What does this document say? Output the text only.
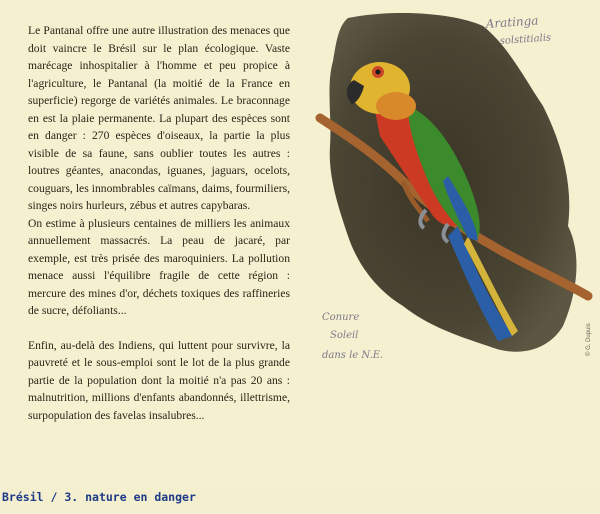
Le Pantanal offre une autre illustration des menaces que doit vaincre le Brésil sur le plan écologique. Vaste marécage inhospitalier à l'homme et peu propice à l'agriculture, le Pantanal (la moitié de la France en superficie) regorge de variétés animales. Le braconnage en est la plaie permanente. La plupart des espèces sont en danger : 270 espèces d'oiseaux, la partie la plus visible de sa faune, sans oublier toutes les autres : loutres géantes, anacondas, iguanes, jaguars, ocelots, couguars, les innombrables caïmans, daims, fourmiliers, singes noirs hurleurs, zébus et autres capybaras.

On estime à plusieurs centaines de milliers les animaux annuellement massacrés. La peau de jacaré, par exemple, est très prisée des maroquiniers. La pollution menace aussi l'équilibre fragile de cette région : mercure des mines d'or, déchets toxiques des raffineries de sucre, défoliants...

Enfin, au-delà des Indiens, qui luttent pour survivre, la pauvreté et le sous-emploi sont le lot de la plus grande partie de la population dont la moitié n'a pas 20 ans : malnutrition, millions d'enfants abandonnés, illettrisme, surpopulation des favelas insalubres...

Aratinga
solstitialis
Conure
Soleil
dans le N.E.	© G. Dupuis
Brésil / 3. nature en danger
